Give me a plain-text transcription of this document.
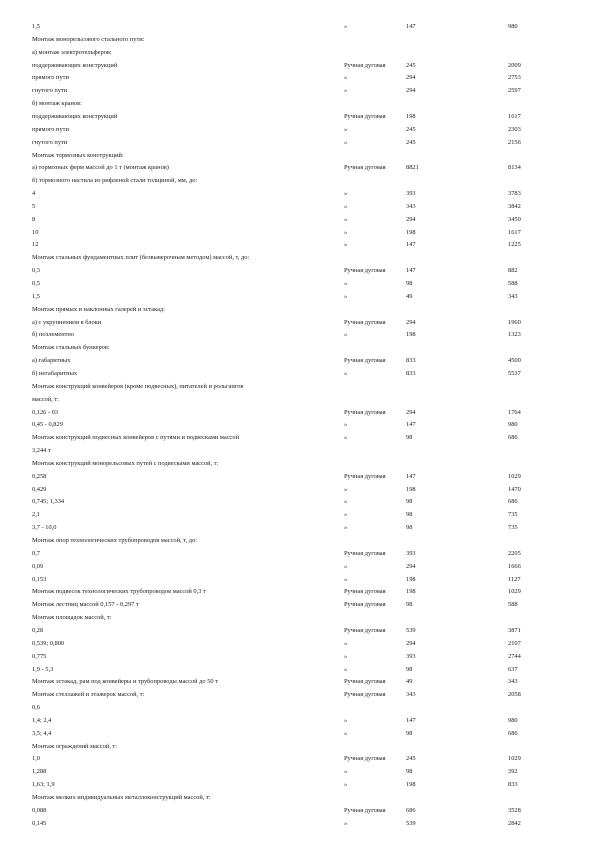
1,5	»	147	980
Монтаж монорельсового стального пути:
а) монтаж электротельферов:
поддерживающих конструкций	Ручная дуговая	245	2009
прямого пути	»	294	2753
гнутого пути	»	294	2597
б) монтаж кранов:
поддерживающих конструкций	Ручная дуговая	198	1617
прямого пути	»	245	2303
гнутого пути	»	245	2156
Монтаж тормозных конструкций:
а) тормозных ферм массой до 1 т (монтаж кранов)	Ручная дуговая	8821	8134
б) тормозного настила из рифленой стали толщиной, мм, до:
4	»	393	3783
5	»	343	3842
8	»	294	3450
10	»	198	1617
12	»	147	1225
Монтаж стальных фундаментных плит (безвыверочным методом) массой, т, до:
0,3	Ручная дуговая	147	882
0,5	»	98	588
1,5	»	49	343
Монтаж прямых и наклонных галерей и эстакад:
а) с укрупнением в блоки	Ручная дуговая	294	1960
б) поэлементно	»	198	1323
Монтаж стальных бункеров:
а) габаритных	Ручная дуговая	833	4500
б) негабаритных	»	833	5537
Монтаж конструкций конвейеров (кроме подвесных), питателей и рольгангов
массой, т:
0,126 - 03	Ручная дуговая	294	1764
0,45 - 0,829	»	147	980
Монтаж конструкций подвесных конвейеров с путями и подвесками массой	»	98	686
3,244 т
Монтаж конструкций монорельсовых путей с подвесками массой, т:
0,258	Ручная дуговая	147	1029
0,429	»	198	1470
0,745; 1,334	»	98	686
2,1	»	98	735
3,7 - 10,0	»	98	735
Монтаж опор технологических трубопроводов массой, т, до:
0,7	Ручная дуговая	393	2205
0,09	»	294	1666
0,153	»	198	1127
Монтаж подвесок технологических трубопроводов массой 0,3 т	Ручная дуговая	198	1029
Монтаж лестниц массой 0,157 - 0,297 т	Ручная дуговая	98	588
Монтаж площадок массой, т:
0,28	Ручная дуговая	539	3871
0,539; 0,800	»	294	2107
0,775	»	393	2744
1,9 - 5,3	»	98	637
Монтаж эстакад, рам под конвейеры и трубопроводы массой до 50 т	Ручная дуговая	49	343
Монтаж стеллажей и этажерок массой, т:	Ручная дуговая	343	2058
0,6
1,4; 2,4	»	147	980
3,5; 4,4	»	98	686
Монтаж ограждений массой, т:
1,0	Ручная дуговая	245	1029
1,288	»	98	392
1,63; 1,9	»	198	833
Монтаж мелких индивидуальных металлоконструкций массой, т:
0,088	Ручная дуговая	686	3528
0,145	»	539	2842
